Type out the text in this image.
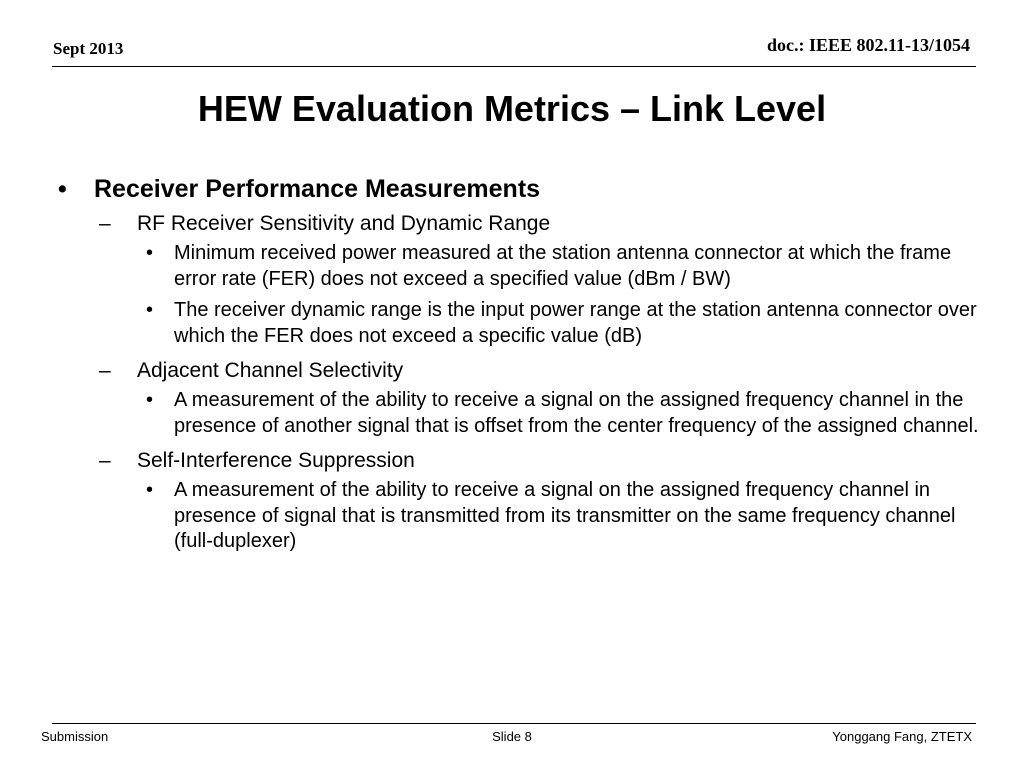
Sept 2013	doc.: IEEE 802.11-13/1054
HEW Evaluation Metrics – Link Level
•	Receiver Performance Measurements
–	RF Receiver Sensitivity and Dynamic Range
•	Minimum received power measured at the station antenna connector at which the frame error rate (FER) does not exceed a specified value (dBm / BW)
•	The receiver dynamic range is the input power range at the station antenna connector over which the FER does not exceed a specific value (dB)
–	Adjacent Channel Selectivity
•	A measurement of the ability to receive a signal on the assigned frequency channel in the presence of another signal that is offset from the center frequency of the assigned channel.
–	Self-Interference Suppression
•	A measurement of the ability to receive a signal on the assigned frequency channel in presence of signal that is transmitted from its transmitter on the same frequency channel (full-duplexer)
Submission	Slide 8	Yonggang Fang, ZTETX
